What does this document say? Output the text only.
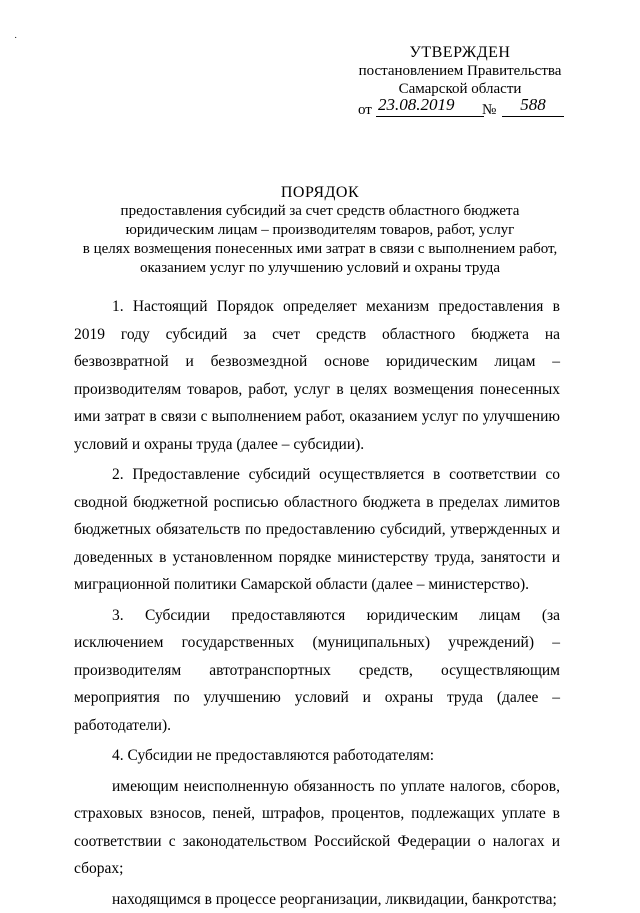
˙
УТВЕРЖДЕН
постановлением Правительства
Самарской области
от 23.08.2019	№	588
ПОРЯДОК
предоставления субсидий за счет средств областного бюджета
юридическим лицам – производителям товаров, работ, услуг
в целях возмещения понесенных ими затрат в связи с выполнением работ,
оказанием услуг по улучшению условий и охраны труда

1. Настоящий Порядок определяет механизм предоставления в 2019 году субсидий за счет средств областного бюджета на безвозвратной и безвозмездной основе юридическим лицам – производителям товаров, работ, услуг в целях возмещения понесенных ими затрат в связи с выполнением работ, оказанием услуг по улучшению условий и охраны труда (далее – субсидии).

2. Предоставление субсидий осуществляется в соответствии со сводной бюджетной росписью областного бюджета в пределах лимитов бюджетных обязательств по предоставлению субсидий, утвержденных и доведенных в установленном порядке министерству труда, занятости и миграционной политики Самарской области (далее – министерство).

3. Субсидии предоставляются юридическим лицам (за исключением государственных (муниципальных) учреждений) – производителям автотранспортных средств, осуществляющим мероприятия по улучшению условий и охраны труда (далее – работодатели).

4. Субсидии не предоставляются работодателям:

имеющим неисполненную обязанность по уплате налогов, сборов, страховых взносов, пеней, штрафов, процентов, подлежащих уплате в соответствии с законодательством Российской Федерации о налогах и сборах;

находящимся в процессе реорганизации, ликвидации, банкротства;
